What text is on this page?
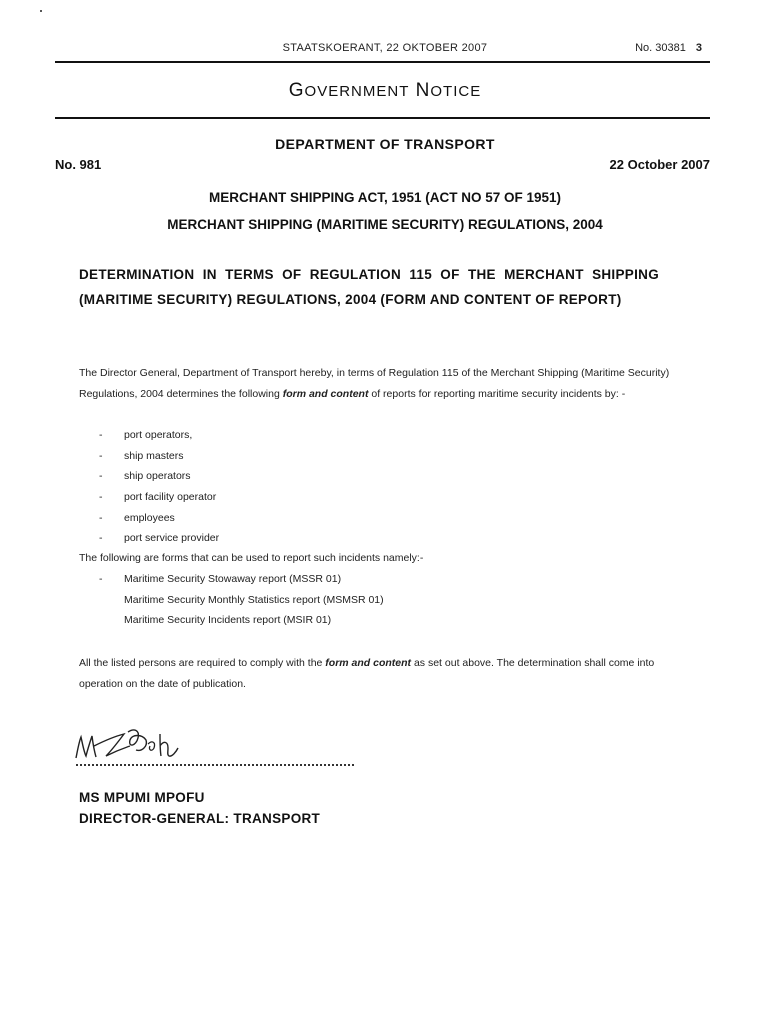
STAATSKOERANT, 22 OKTOBER 2007	No. 30381 3
GOVERNMENT NOTICE
DEPARTMENT OF TRANSPORT
No. 981	22 October 2007
MERCHANT SHIPPING ACT, 1951 (ACT NO 57 OF 1951)
MERCHANT SHIPPING (MARITIME SECURITY) REGULATIONS, 2004
DETERMINATION IN TERMS OF REGULATION 115 OF THE MERCHANT SHIPPING (MARITIME SECURITY) REGULATIONS, 2004 (FORM AND CONTENT OF REPORT)
The Director General, Department of Transport hereby, in terms of Regulation 115 of the Merchant Shipping (Maritime Security) Regulations, 2004 determines the following form and content of reports for reporting maritime security incidents by: -
- port operators,
- ship masters
- ship operators
- port facility operator
- employees
- port service provider
The following are forms that can be used to report such incidents namely:-
- Maritime Security Stowaway report (MSSR 01)
Maritime Security Monthly Statistics report (MSMSR 01)
Maritime Security Incidents report (MSIR 01)
All the listed persons are required to comply with the form and content as set out above. The determination shall come into operation on the date of publication.
MS MPUMI MPOFU
DIRECTOR-GENERAL: TRANSPORT
